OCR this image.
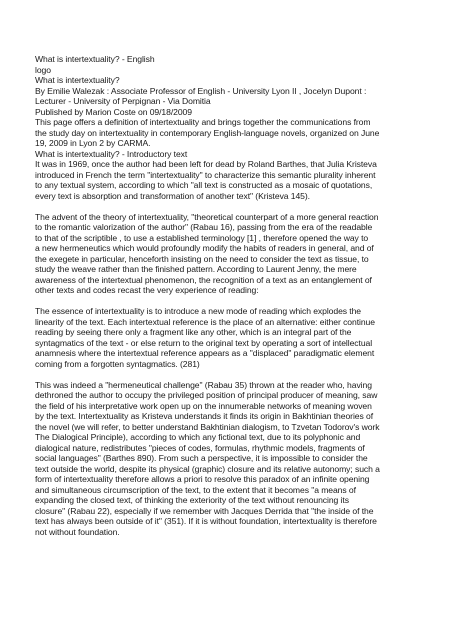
What is intertextuality? - English
logo
What is intertextuality?
By Emilie Walezak : Associate Professor of English - University Lyon II , Jocelyn Dupont :
Lecturer - University of Perpignan - Via Domitia
Published by Marion Coste on 09/18/2009
This page offers a definition of intertextuality and brings together the communications from
the study day on intertextuality in contemporary English-language novels, organized on June
19, 2009 in Lyon 2 by CARMA.
What is intertextuality? - Introductory text
It was in 1969, once the author had been left for dead by Roland Barthes, that Julia Kristeva
introduced in French the term "intertextuality" to characterize this semantic plurality inherent
to any textual system, according to which "all text is constructed as a mosaic of quotations,
every text is absorption and transformation of another text" (Kristeva 145).
The advent of the theory of intertextuality, "theoretical counterpart of a more general reaction
to the romantic valorization of the author" (Rabau 16), passing from the era of the readable
to that of the scriptible , to use a established terminology [1] , therefore opened the way to
a new hermeneutics which would profoundly modify the habits of readers in general, and of
the exegete in particular, henceforth insisting on the need to consider the text as tissue, to
study the weave rather than the finished pattern. According to Laurent Jenny, the mere
awareness of the intertextual phenomenon, the recognition of a text as an entanglement of
other texts and codes recast the very experience of reading:
The essence of intertextuality is to introduce a new mode of reading which explodes the
linearity of the text. Each intertextual reference is the place of an alternative: either continue
reading by seeing there only a fragment like any other, which is an integral part of the
syntagmatics of the text - or else return to the original text by operating a sort of intellectual
anamnesis where the intertextual reference appears as a "displaced" paradigmatic element
coming from a forgotten syntagmatics. (281)
This was indeed a "hermeneutical challenge" (Rabau 35) thrown at the reader who, having
dethroned the author to occupy the privileged position of principal producer of meaning, saw
the field of his interpretative work open up on the innumerable networks of meaning woven
by the text. Intertextuality as Kristeva understands it finds its origin in Bakhtinian theories of
the novel (we will refer, to better understand Bakhtinian dialogism, to Tzvetan Todorov's work
The Dialogical Principle), according to which any fictional text, due to its polyphonic and
dialogical nature, redistributes "pieces of codes, formulas, rhythmic models, fragments of
social languages" (Barthes 890). From such a perspective, it is impossible to consider the
text outside the world, despite its physical (graphic) closure and its relative autonomy; such a
form of intertextuality therefore allows a priori to resolve this paradox of an infinite opening
and simultaneous circumscription of the text, to the extent that it becomes "a means of
expanding the closed text, of thinking the exteriority of the text without renouncing its
closure" (Rabau 22), especially if we remember with Jacques Derrida that "the inside of the
text has always been outside of it" (351). If it is without foundation, intertextuality is therefore
not without foundation.
